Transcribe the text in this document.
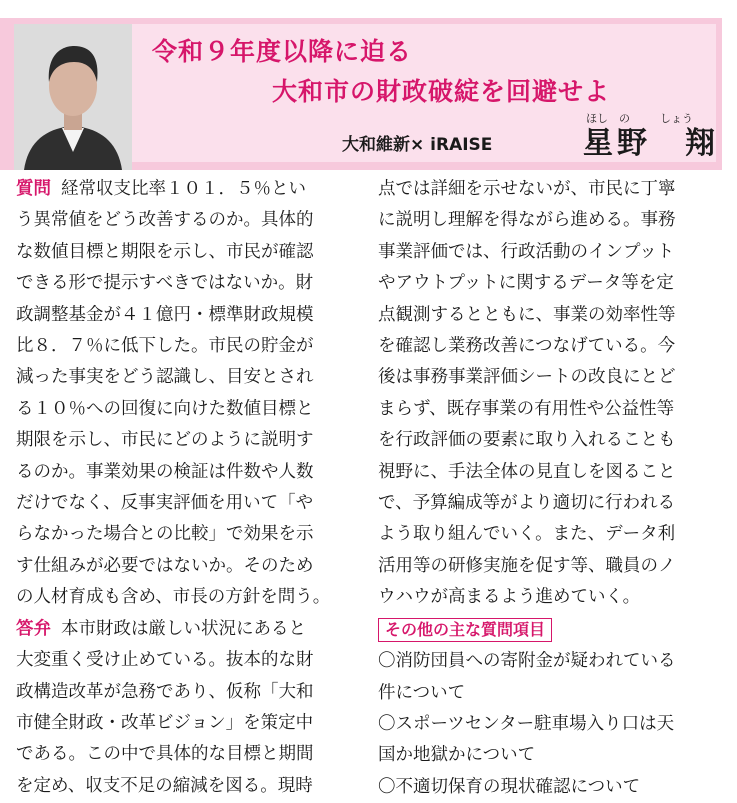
令和９年度以降に迫る
大和市の財政破綻を回避せよ
大和維新× iRAISE
ほし　の	しょう
星野　翔
質問 経常収支比率１０１．５％とい
う異常値をどう改善するのか。具体的
な数値目標と期限を示し、市民が確認
できる形で提示すべきではないか。財
政調整基金が４１億円・標準財政規模
比８．７％に低下した。市民の貯金が
減った事実をどう認識し、目安とされ
る１０％への回復に向けた数値目標と
期限を示し、市民にどのように説明す
るのか。事業効果の検証は件数や人数
だけでなく、反事実評価を用いて「や
らなかった場合との比較」で効果を示
す仕組みが必要ではないか。そのため
の人材育成も含め、市長の方針を問う。
答弁 本市財政は厳しい状況にあると
大変重く受け止めている。抜本的な財
政構造改革が急務であり、仮称「大和
市健全財政・改革ビジョン」を策定中
である。この中で具体的な目標と期間
を定め、収支不足の縮減を図る。現時
点では詳細を示せないが、市民に丁寧
に説明し理解を得ながら進める。事務
事業評価では、行政活動のインプット
やアウトプットに関するデータ等を定
点観測するとともに、事業の効率性等
を確認し業務改善につなげている。今
後は事務事業評価シートの改良にとど
まらず、既存事業の有用性や公益性等
を行政評価の要素に取り入れることも
視野に、手法全体の見直しを図ること
で、予算編成等がより適切に行われる
よう取り組んでいく。また、データ利
活用等の研修実施を促す等、職員のノ
ウハウが高まるよう進めていく。
その他の主な質問項目
〇消防団員への寄附金が疑われている
件について
〇スポーツセンター駐車場入り口は天
国か地獄かについて
〇不適切保育の現状確認について
